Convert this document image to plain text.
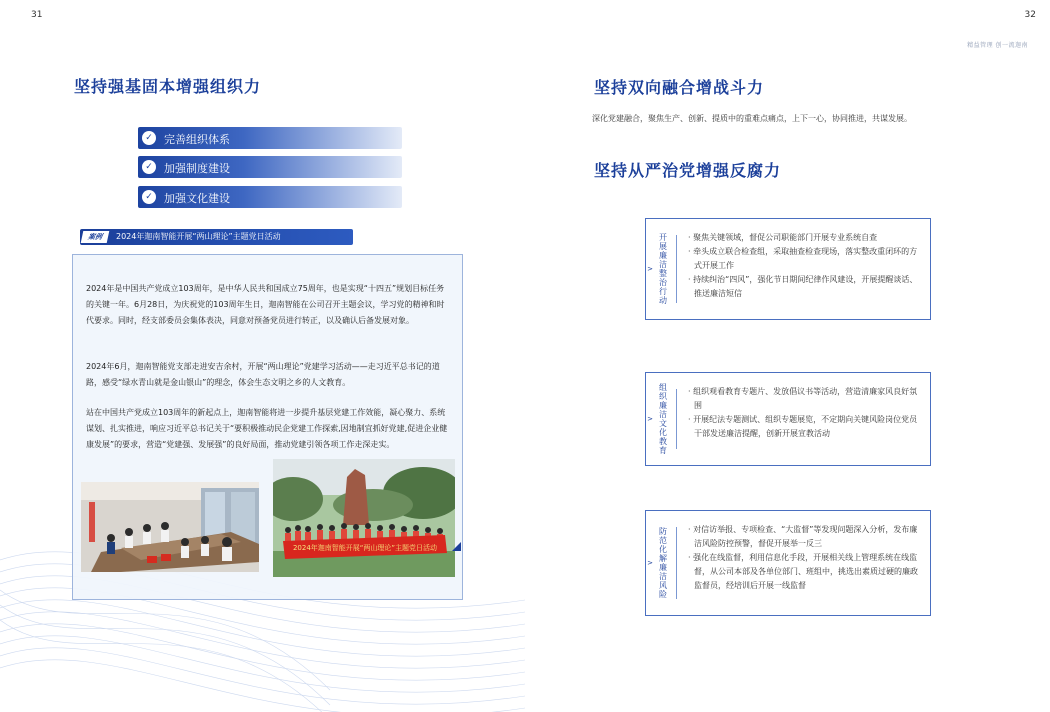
31
坚持强基固本增强组织力
✓ 完善组织体系
✓ 加强制度建设
✓ 加强文化建设
2024年是中国共产党成立103周年，是中华人民共和国成立75周年，也是实现“十四五”规划目标任务的关键一年。6月28日，为庆祝党的103周年生日，迦南智能在公司召开主题会议，学习党的精神和时代要求。同时，经支部委员会集体表决，同意对预备党员进行转正，以及确认后备发展对象。
2024年6月，迦南智能党支部走进安吉余村，开展“两山理论”党建学习活动——走习近平总书记的道路，感受“绿水青山就是金山银山”的理念，体会生态文明之乡的人文教育。
站在中国共产党成立103周年的新起点上，迦南智能将进一步提升基层党建工作效能，凝心聚力、系统谋划、扎实推进，响应习近平总书记关于“要积极推动民企党建工作探索,因地制宜抓好党建,促进企业健康发展”的要求，营造“党建强、发展强”的良好局面，推动党建引领各项工作走深走实。
2024年迦南智能开展“两山理论”主题党日活动
案例	2024年迦南智能开展“两山理论”主题党日活动
32
精益管理 创一流迦南
坚持双向融合增战斗力
深化党建融合，聚焦生产、创新、提质中的重难点痛点，上下一心，协同推进，共谋发展。
坚持从严治党增强反腐力
开展廉洁整治行动
>
· 聚焦关键领域，督促公司职能部门开展专业系统自查
· 牵头成立联合检查组，采取抽查检查现场，落实整改重闭环的方式开展工作
· 持续纠治“四风”，强化节日期间纪律作风建设，开展提醒谈话、推送廉洁短信
组织廉洁文化教育
>
· 组织观看教育专题片、发放倡议书等活动，营造清廉家风良好氛围
· 开展纪法专题测试、组织专题展览，不定期向关键风险岗位党员干部发送廉洁提醒，创新开展宣教活动
防范化解廉洁风险
>
· 对信访举报、专项检查、“大监督”等发现问题深入分析，发布廉洁风险防控预警，督促开展举一反三
· 强化在线监督，利用信息化手段，开展相关线上管理系统在线监督，从公司本部及各单位部门、班组中，挑选出素质过硬的廉政监督员，经培训后开展一线监督
